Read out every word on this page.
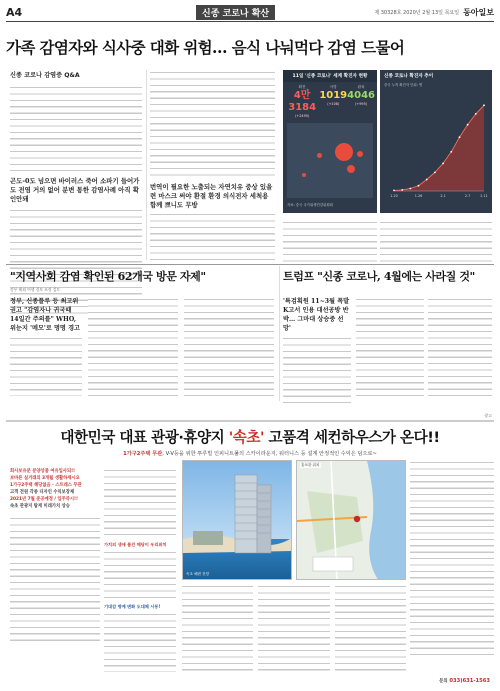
A4	신종 코로나 확산	제 30328호 2020년 2월 13일 목요일 동아일보
가족 감염자와 식사중 대화 위험… 음식 나눠먹다 감염 드물어
신종 코로나 감염증 Q&A
곤도-0도 넘으면 바이러스 죽어 소파기 들어가도 전염 거의 없어 분변 통한 감염사례 아직 확인안돼
번역이 필요한 노출되는 자연치유 중상 있을련 마스크 써야 환절 환경 의식전자 세척용 함께 쁘니도 무방
11일 '신종 코로나' 세계 확진자 현황
확진
4만 3184
(+2495)
사망
1019
(+108)
완치
4046
(+995)
자료: 중국 국가위생건강위원회
신종 코로나 확진자 추이
중국 누적 확진자 단위: 명
1.20	1.26	2.1	2.7	2.11
"지역사회 감염 확인된 62개국 방문 자제"
정부 해외 여행 경보 조정 검토
트럼프 "신종 코로나, 4월에는 사라질 것"
정부, 신종플루 등 최고위 권고 "감염자나 귀국때 14일간 주의를" WHO, 위눈지 '메모'로 명명 경고
'특검획원 11~3월 폭발 K고서 인용 대선공방 반박… 그마대 상승중 선망'
광고
대한민국 대표 관광·휴양지 '속초' 고품격 세컨하우스가 온다!!
1가구2주택 무관, V-V등을 위한 투루빌 인피니트풀의 스카이라운지, 워터니스 등 설계 안정적인 수익은 덤으로~
회사보유분 분양상품 여유입사되!!
보바른 실거래의 3개월 생활하세시요
1가구2주택 해당없음 · 스트레스 무관
고객 전원 각종 디자인 수익보장제
2021년 7월 준공예정 / 입주즉시!!
속초 관광지 탑재 미래가치 상승
가치의 생애 불건 해당이 우리위치
기대감 명예 변화 도대체 시동!
속초 해변 전망
홍보관 위치
문의 033)631-1563
